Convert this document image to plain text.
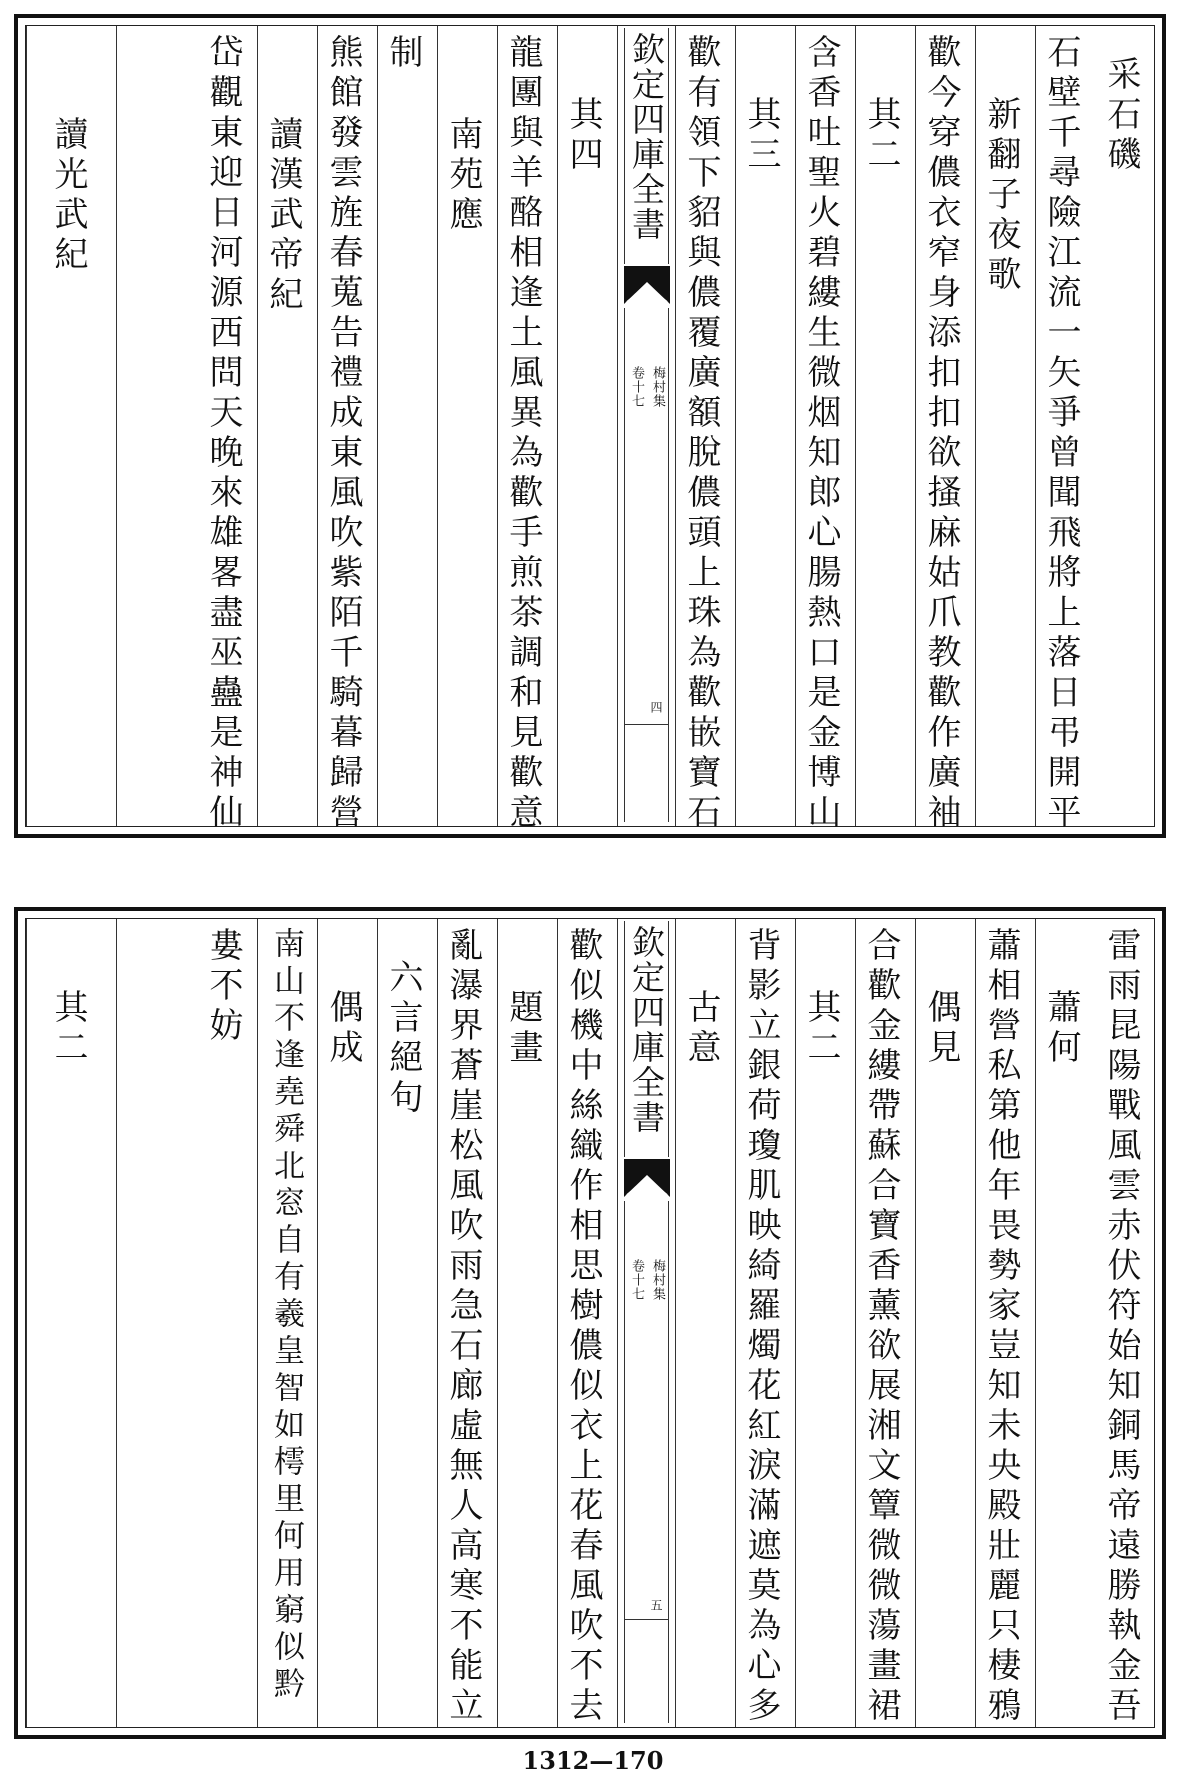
采石磯
石壁千尋險江流一矢爭曾聞飛將上落日弔開平
新翻子夜歌
歡今穿儂衣窄身添扣扣欲搔麻姑爪教歡作廣袖
其二
含香吐聖火碧縷生微烟知郎心腸熱口是金博山
其三
歡有領下貂與儂覆廣額脫儂頭上珠為歡嵌寶石
欽定四庫全書
梅村集
卷十七
四
其四
龍團與羊酪相逢土風異為歡手煎茶調和見歡意
南苑應
制
熊館發雲旌春蒐告禮成東風吹紫陌千騎暮歸營
讀漢武帝紀
岱觀東迎日河源西問天晚來雄畧盡巫蠱是神仙
讀光武紀
雷雨昆陽戰風雲赤伏符始知銅馬帝遠勝執金吾
蕭何
蕭相營私第他年畏勢家豈知未央殿壯麗只棲鴉
偶見
合歡金縷帶蘇合寶香薰欲展湘文簟微微蕩畫裙
其二
背影立銀荷瓊肌映綺羅燭花紅淚滿遮莫為心多
古意
欽定四庫全書
梅村集
卷十七
五
歡似機中絲織作相思樹儂似衣上花春風吹不去
題畫
亂瀑界蒼崖松風吹雨急石廊虛無人高寒不能立
六言絕句
偶成
南山不逢堯舜北窓自有羲皇智如樗里何用窮似黔
婁不妨
其二
1312—170
